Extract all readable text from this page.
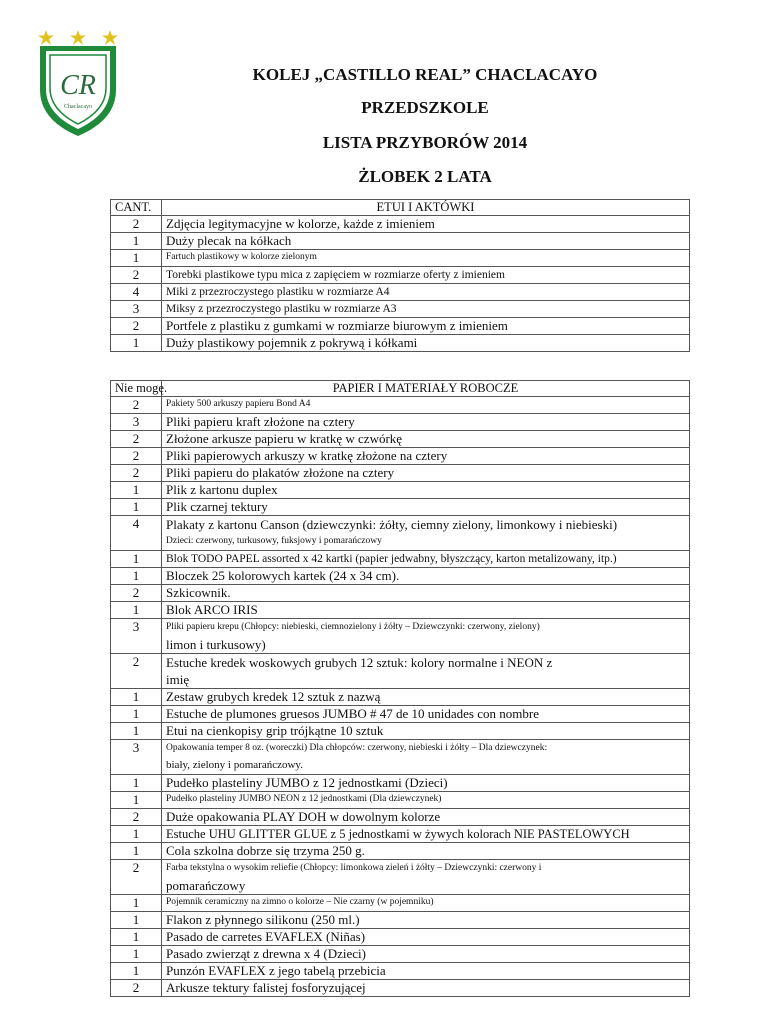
CR
Chaclacayo
KOLEJ „CASTILLO REAL” CHACLACAYO
PRZEDSZKOLE
LISTA PRZYBORÓW 2014
ŻLOBEK 2 LATA
CANT.	ETUI I AKTÓWKI
2	Zdjęcia legitymacyjne w kolorze, każde z imieniem
1	Duży plecak na kółkach
1	Fartuch plastikowy w kolorze zielonym
2	Torebki plastikowe typu mica z zapięciem w rozmiarze oferty z imieniem
4	Miki z przezroczystego plastiku w rozmiarze A4
3	Miksy z przezroczystego plastiku w rozmiarze A3
2	Portfele z plastiku z gumkami w rozmiarze biurowym z imieniem
1	Duży plastikowy pojemnik z pokrywą i kółkami
Nie mogę.	PAPIER I MATERIAŁY ROBOCZE
2	Pakiety 500 arkuszy papieru Bond A4
3	Pliki papieru kraft złożone na cztery
2	Złożone arkusze papieru w kratkę w czwórkę
2	Pliki papierowych arkuszy w kratkę złożone na cztery
2	Pliki papieru do plakatów złożone na cztery
1	Plik z kartonu duplex
1	Plik czarnej tektury
4	Plakaty z kartonu Canson (dziewczynki: żółty, ciemny zielony, limonkowy i niebieski)
Dzieci: czerwony, turkusowy, fuksjowy i pomarańczowy

1	Blok TODO PAPEL assorted x 42 kartki (papier jedwabny, błyszczący, karton metalizowany, itp.)
1	Bloczek 25 kolorowych kartek (24 x 34 cm).
2	Szkicownik.
1	Blok ARCO IRIS
3	Pliki papieru krepu (Chłopcy: niebieski, ciemnozielony i żółty – Dziewczynki: czerwony, zielony)
limon i turkusowy)

2	Estuche kredek woskowych grubych 12 sztuk: kolory normalne i NEON z
imię

1	Zestaw grubych kredek 12 sztuk z nazwą
1	Estuche de plumones gruesos JUMBO # 47 de 10 unidades con nombre
1	Etui na cienkopisy grip trójkątne 10 sztuk
3	Opakowania temper 8 oz. (woreczki) Dla chłopców: czerwony, niebieski i żółty – Dla dziewczynek:
biały, zielony i pomarańczowy.

1	Pudełko plasteliny JUMBO z 12 jednostkami (Dzieci)
1	Pudełko plasteliny JUMBO NEON z 12 jednostkami (Dla dziewczynek)
2	Duże opakowania PLAY DOH w dowolnym kolorze
1	Estuche UHU GLITTER GLUE z 5 jednostkami w żywych kolorach NIE PASTELOWYCH
1	Cola szkolna dobrze się trzyma 250 g.
2	Farba tekstylna o wysokim reliefie (Chłopcy: limonkowa zieleń i żółty – Dziewczynki: czerwony i
pomarańczowy

1	Pojemnik ceramiczny na zimno o kolorze – Nie czarny (w pojemniku)
1	Flakon z płynnego silikonu (250 ml.)
1	Pasado de carretes EVAFLEX (Niñas)
1	Pasado zwierząt z drewna x 4 (Dzieci)
1	Punzón EVAFLEX z jego tabelą przebicia
2	Arkusze tektury falistej fosforyzującej
